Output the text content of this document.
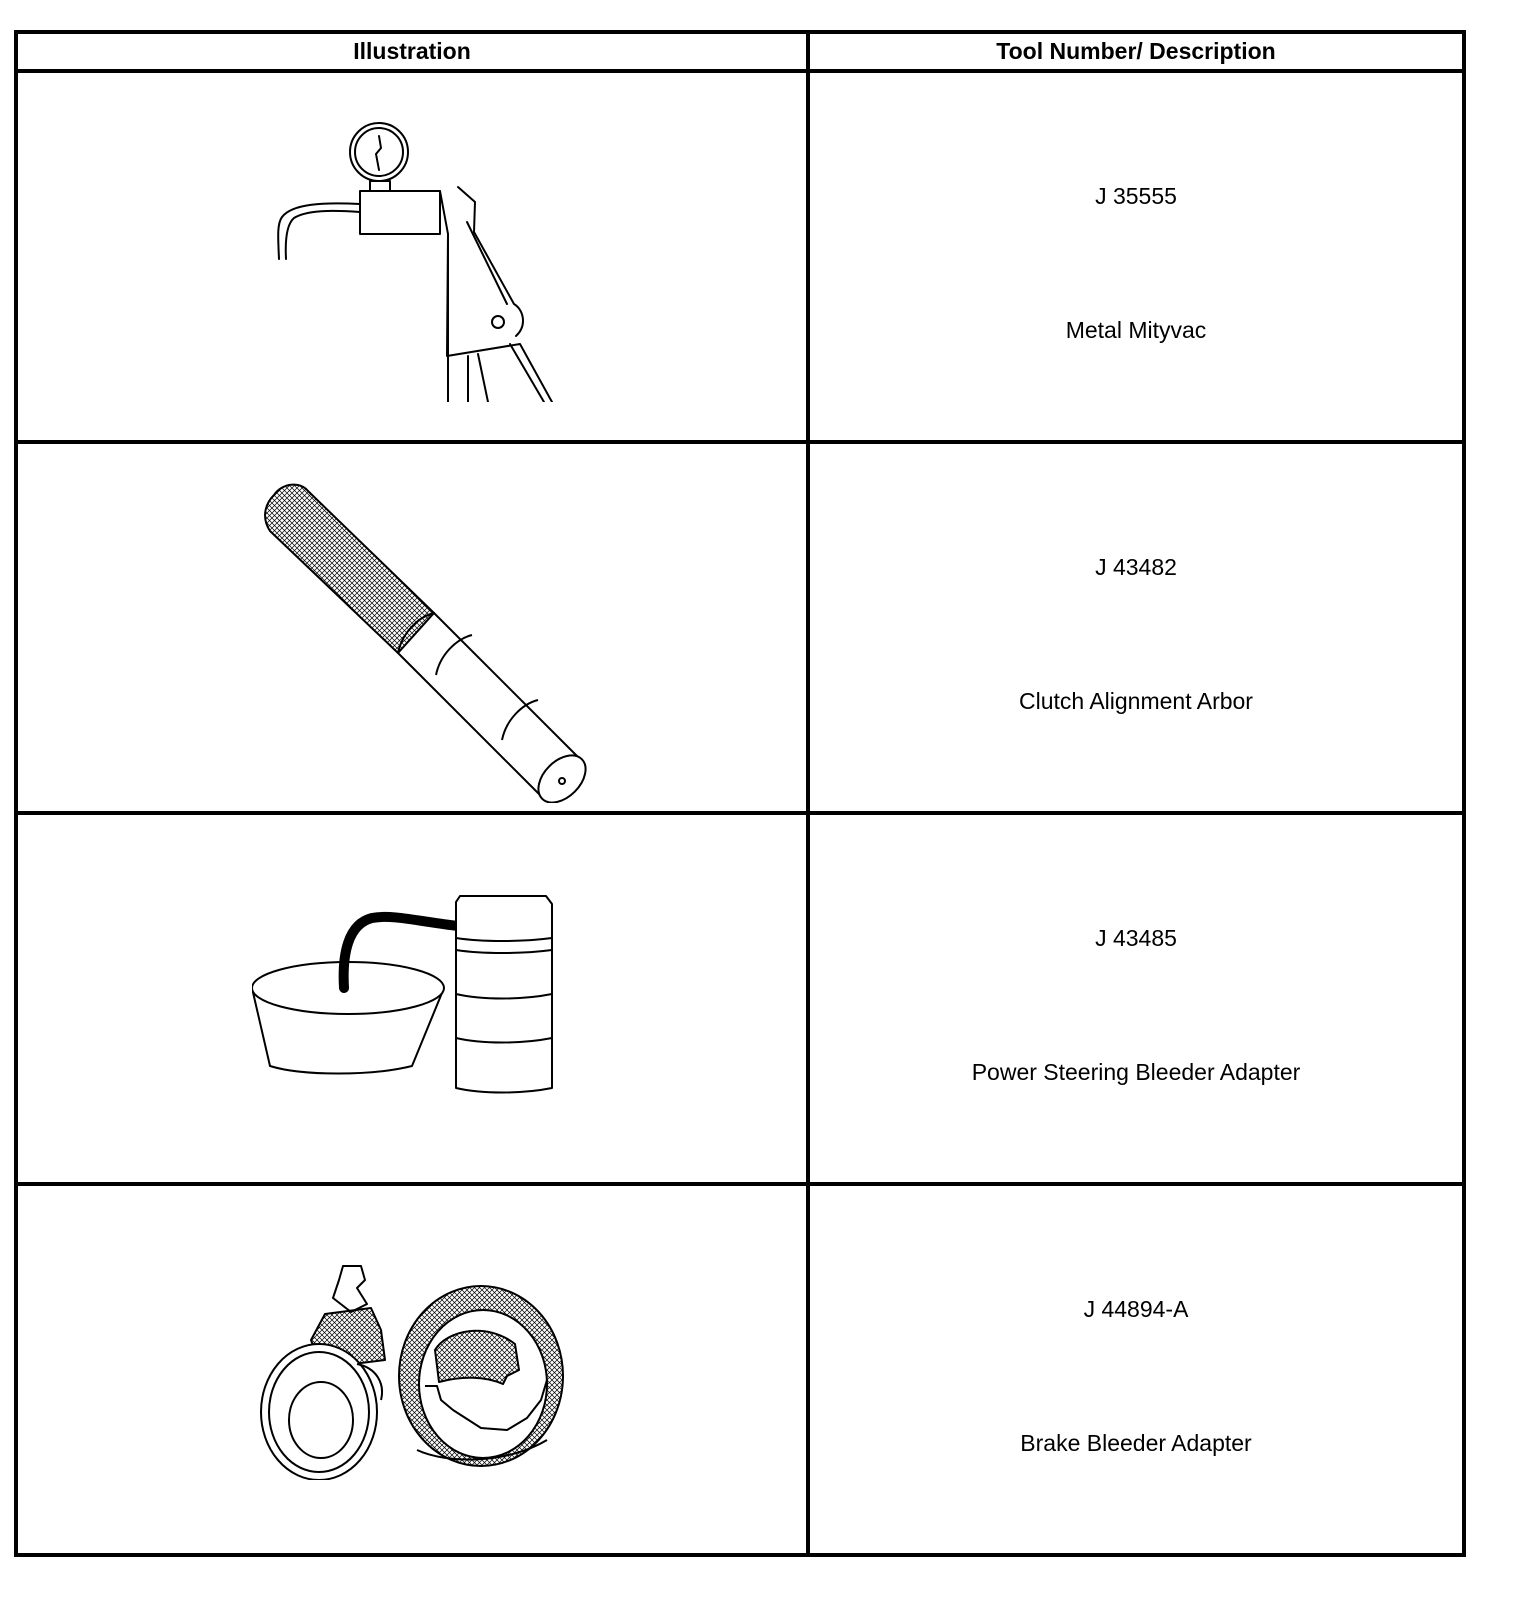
Illustration	Tool Number/ Description

J 35555
Metal Mityvac

J 43482
Clutch Alignment Arbor

J 43485
Power Steering Bleeder Adapter

J 44894-A
Brake Bleeder Adapter
